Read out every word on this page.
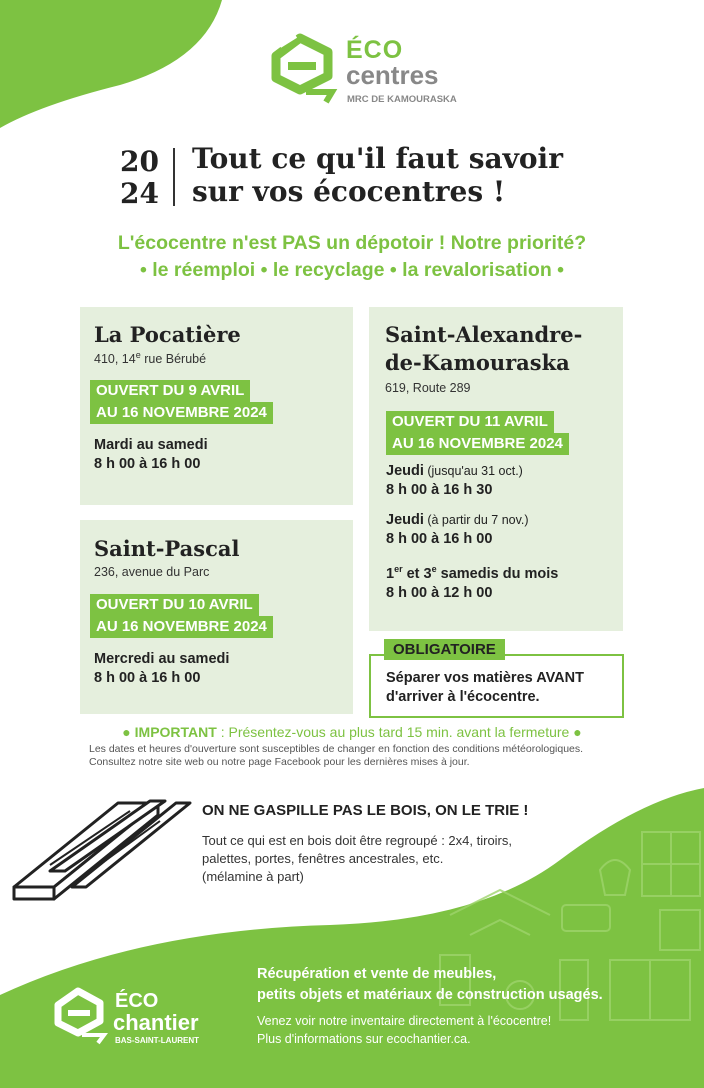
ÉCO
centres
MRC DE KAMOURASKA
20
24
Tout ce qu'il faut savoir
sur vos écocentres !
L'écocentre n'est PAS un dépotoir ! Notre priorité?
• le réemploi • le recyclage • la revalorisation •
La Pocatière
410, 14e rue Bérubé
OUVERT DU 9 AVRIL
AU 16 NOVEMBRE 2024
Mardi au samedi
8 h 00 à 16 h 00
Saint-Pascal
236, avenue du Parc
OUVERT DU 10 AVRIL
AU 16 NOVEMBRE 2024
Mercredi au samedi
8 h 00 à 16 h 00
Saint-Alexandre-
de-Kamouraska
619, Route 289
OUVERT DU 11 AVRIL
AU 16 NOVEMBRE 2024
Jeudi (jusqu'au 31 oct.)
8 h 00 à 16 h 30
Jeudi (à partir du 7 nov.)
8 h 00 à 16 h 00
1er et 3e samedis du mois
8 h 00 à 12 h 00
OBLIGATOIRE
Séparer vos matières AVANT
d'arriver à l'écocentre.
● IMPORTANT : Présentez-vous au plus tard 15 min. avant la fermeture ●
Les dates et heures d'ouverture sont susceptibles de changer en fonction des conditions météorologiques.
Consultez notre site web ou notre page Facebook pour les dernières mises à jour.
ON NE GASPILLE PAS LE BOIS, ON LE TRIE !
Tout ce qui est en bois doit être regroupé : 2x4, tiroirs,
palettes, portes, fenêtres ancestrales, etc.
(mélamine à part)
ÉCO
chantier
BAS-SAINT-LAURENT
Récupération et vente de meubles,
petits objets et matériaux de construction usagés.
Venez voir notre inventaire directement à l'écocentre!
Plus d'informations sur ecochantier.ca.
